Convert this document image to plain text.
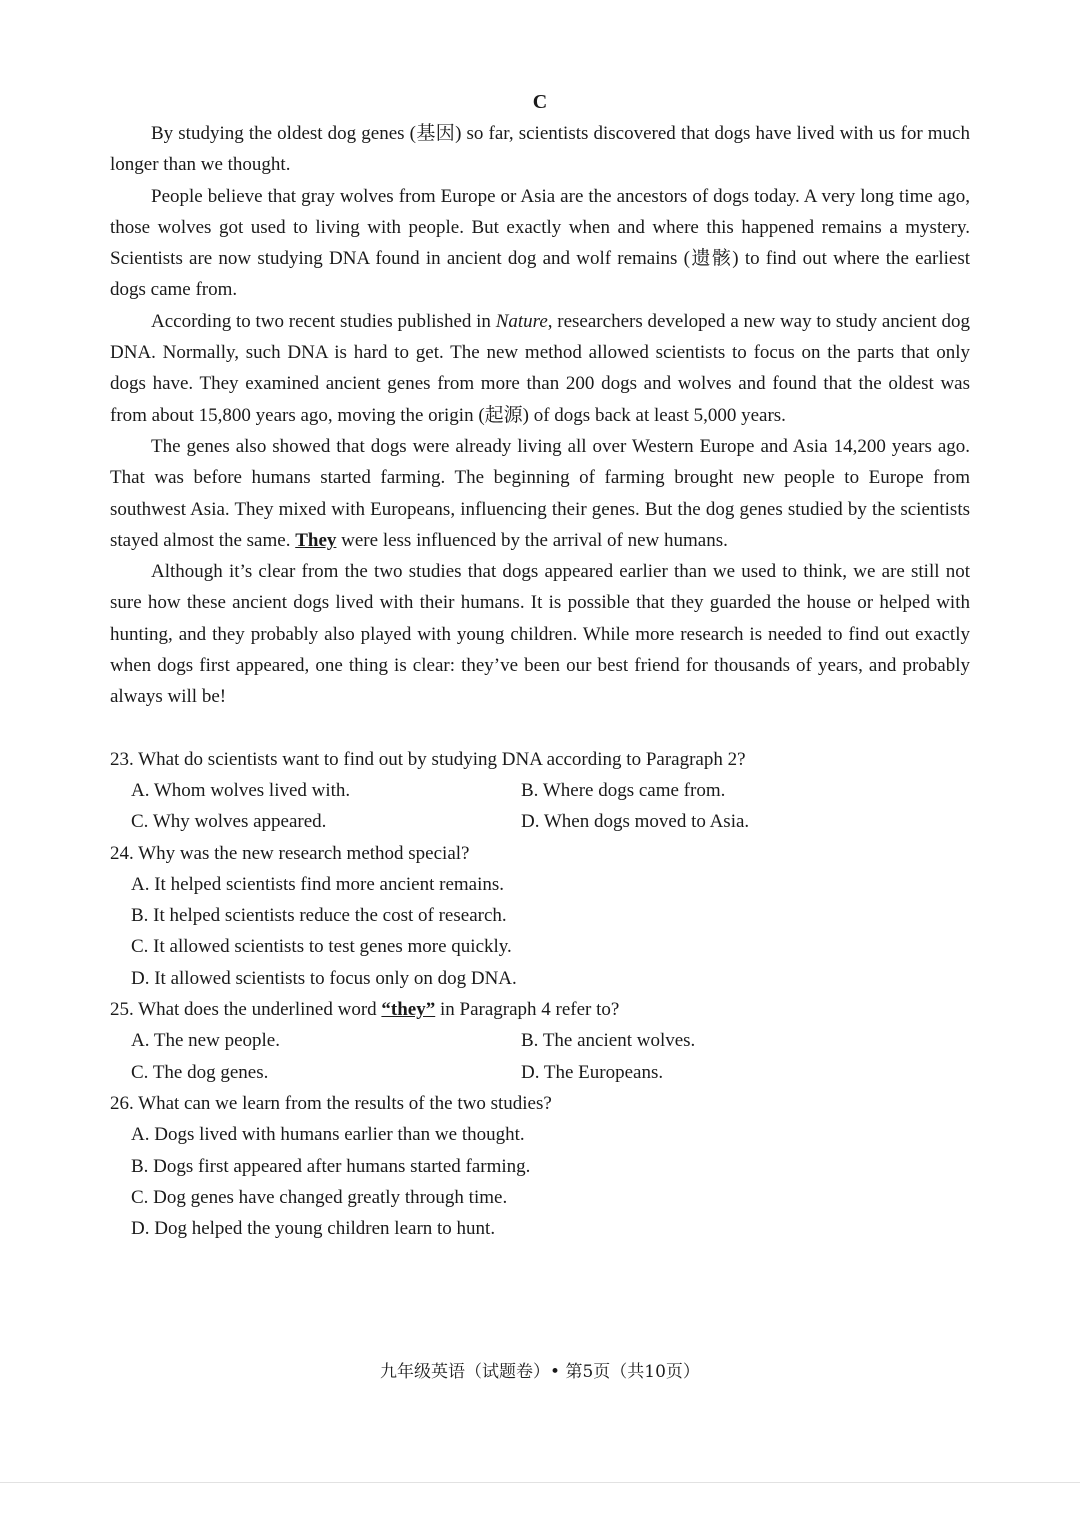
C

By studying the oldest dog genes (基因) so far, scientists discovered that dogs have lived with us for much longer than we thought.

People believe that gray wolves from Europe or Asia are the ancestors of dogs today. A very long time ago, those wolves got used to living with people. But exactly when and where this happened remains a mystery. Scientists are now studying DNA found in ancient dog and wolf remains (遗骸) to find out where the earliest dogs came from.

According to two recent studies published in Nature, researchers developed a new way to study ancient dog DNA. Normally, such DNA is hard to get. The new method allowed scientists to focus on the parts that only dogs have. They examined ancient genes from more than 200 dogs and wolves and found that the oldest was from about 15,800 years ago, moving the origin (起源) of dogs back at least 5,000 years.

The genes also showed that dogs were already living all over Western Europe and Asia 14,200 years ago. That was before humans started farming. The beginning of farming brought new people to Europe from southwest Asia. They mixed with Europeans, influencing their genes. But the dog genes studied by the scientists stayed almost the same. They were less influenced by the arrival of new humans.

Although it’s clear from the two studies that dogs appeared earlier than we used to think, we are still not sure how these ancient dogs lived with their humans. It is possible that they guarded the house or helped with hunting, and they probably also played with young children. While more research is needed to find out exactly when dogs first appeared, one thing is clear: they’ve been our best friend for thousands of years, and probably always will be!

23. What do scientists want to find out by studying DNA according to Paragraph 2?
A. Whom wolves lived with.	B. Where dogs came from.
C. Why wolves appeared.	D. When dogs moved to Asia.
24. Why was the new research method special?
A. It helped scientists find more ancient remains.
B. It helped scientists reduce the cost of research.
C. It allowed scientists to test genes more quickly.
D. It allowed scientists to focus only on dog DNA.
25. What does the underlined word “they” in Paragraph 4 refer to?
A. The new people.	B. The ancient wolves.
C. The dog genes.	D. The Europeans.
26. What can we learn from the results of the two studies?
A. Dogs lived with humans earlier than we thought.
B. Dogs first appeared after humans started farming.
C. Dog genes have changed greatly through time.
D. Dog helped the young children learn to hunt.
九年级英语（试题卷）• 第5页（共10页）
